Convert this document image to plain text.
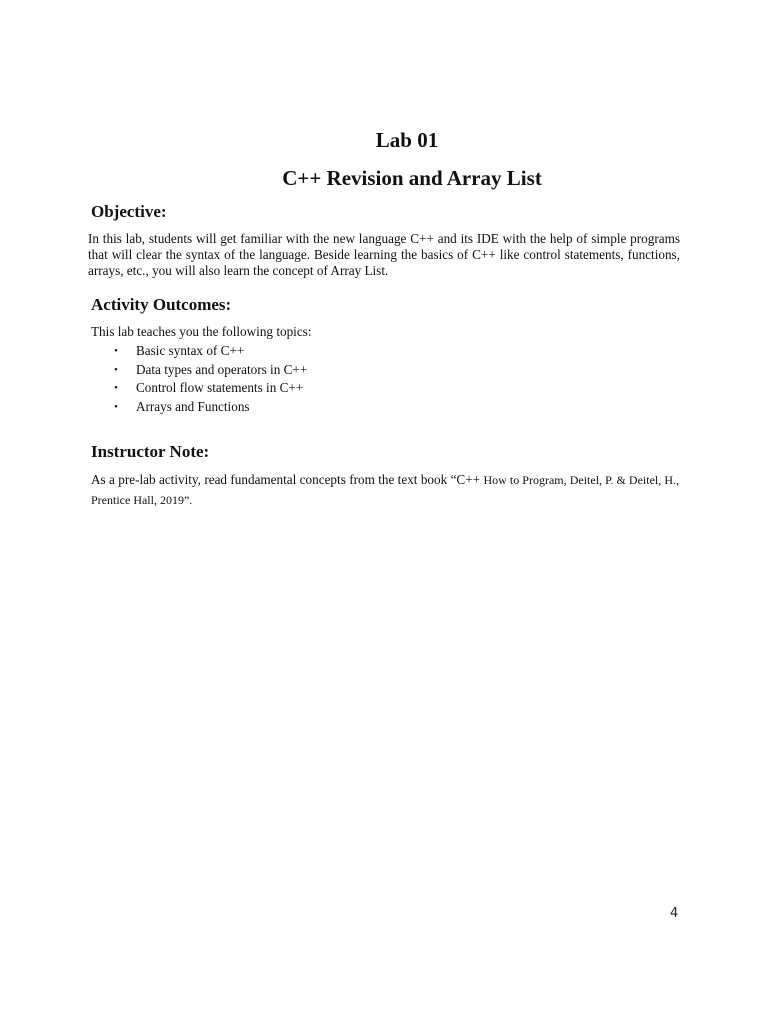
Lab 01
C++ Revision and Array List
Objective:

In this lab, students will get familiar with the new language C++ and its IDE with the help of simple programs that will clear the syntax of the language. Beside learning the basics of C++ like control statements, functions, arrays, etc., you will also learn the concept of Array List.

Activity Outcomes:

This lab teaches you the following topics:

• Basic syntax of C++
• Data types and operators in C++
• Control flow statements in C++
• Arrays and Functions
Instructor Note:

As a pre-lab activity, read fundamental concepts from the text book “C++ How to Program, Deitel, P. & Deitel, H., Prentice Hall, 2019”.

4
